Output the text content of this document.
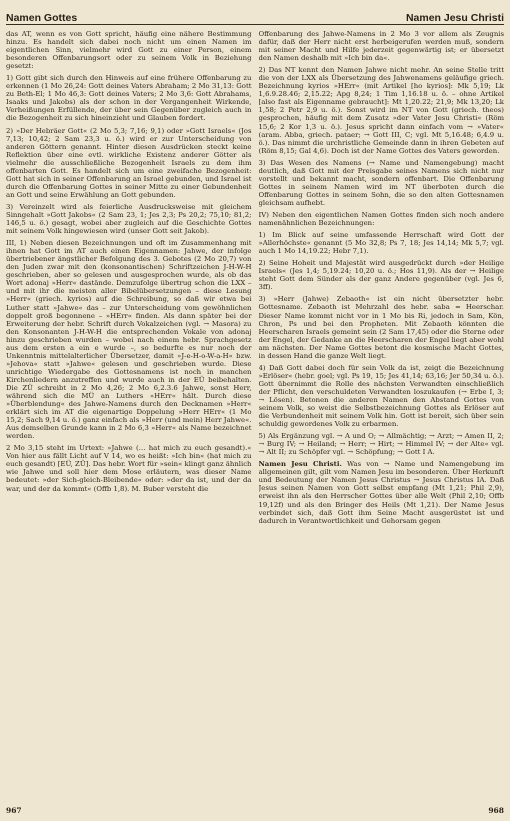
Namen Gottes	Namen Jesu Christi

das AT, wenn es von Gott spricht, häufig eine nähere Bestimmung hinzu. Es handelt sich dabei noch nicht um einen Namen im eigentlichen Sinn, vielmehr wird Gott zu einer Person, einem besonderen Offenbarungsort oder zu seinem Volk in Beziehung gesetzt:

1) Gott gibt sich durch den Hinweis auf eine frühere Offenbarung zu erkennen (1 Mo 26,24: Gott deines Vaters Abraham; 2 Mo 31,13: Gott zu Beth-El; 1 Mo 46,3: Gott deines Vaters; 2 Mo 3,6: Gott Abrahams, Isaaks und Jakobs) als der schon in der Vergangenheit Wirkende, Verheißungen Erfüllende, der über sein Gegenüber zugleich auch in die Bezogenheit zu sich hineinzieht und Glauben fordert.

2) »Der Hebräer Gott« (2 Mo 5,3; 7,16; 9,1) oder »Gott Israels« (Jos 7,13; 10,42; 2 Sam 23,3 u. ö.) wird er zur Unterscheidung von anderen Göttern genannt. Hinter diesen Ausdrücken steckt keine Reflektion über eine evtl. wirkliche Existenz anderer Götter als vielmehr die ausschließliche Bezogenheit Israels zu dem ihm offenbarten Gott. Es handelt sich um eine zweifache Bezogenheit: Gott hat sich in seiner Offenbarung an Israel gebunden, und Israel ist durch die Offenbarung Gottes in seiner Mitte zu einer Gebundenheit an Gott und seine Erwählung an Gott gebunden.

3) Vereinzelt wird als feierliche Ausdrucksweise mit gleichem Sinngehalt »Gott Jakobs« (2 Sam 23, 1; Jes 2,3; Ps 20,2; 75,10; 81,2; 146,5 u. ö.) gesagt, wobei aber zugleich auf die Geschichte Gottes mit seinem Volk hingewiesen wird (unser Gott seit Jakob).

III, 1) Neben diesen Bezeichnungen und oft im Zusammenhang mit ihnen hat Gott im AT auch einen Eigennamen: Jahwe, der infolge übertriebener ängstlicher Befolgung des 3. Gebotes (2 Mo 20,7) von den Juden zwar mit den (konsonantischen) Schriftzeichen J-H-W-H geschrieben, aber so gelesen und ausgesprochen wurde, als ob das Wort adonaj »Herr« dastände. Demzufolge übertrug schon die LXX – und mit ihr die meisten aller Bibelübersetzungen – diese Lesung »Herr« (griech. kyrios) auf die Schreibung, so daß wir etwa bei Luther statt »Jahwe« das – zur Unterscheidung vom gewöhnlichen doppelt groß begonnene – »HErr« finden. Als dann später bei der Erweiterung der hebr. Schrift durch Vokalzeichen (vgl. → Masora) zu den Konsonanten J-H-W-H die entsprechenden Vokale von adonaj hinzu geschrieben wurden – wobei nach einem hebr. Sprachgesetz aus dem ersten a ein e wurde –, so bedurfte es nur noch der Unkenntnis mittelalterlicher Übersetzer, damit »J-e-H-o-W-a-H« bzw. »Jehova« statt »Jahwe« gelesen und geschrieben wurde. Diese unrichtige Wiedergabe des Gottesnamens ist noch in manchen Kirchenliedern anzutreffen und wurde auch in der EÜ beibehalten. Die ZÜ schreibt in 2 Mo 4,26; 2 Mo 6,2.3.6 Jahwe, sonst Herr, während sich die MÜ an Luthers »HErr« hält. Durch diese »Überblendung« des Jahwe-Namens durch den Decknamen »Herr« erklärt sich im AT die eigenartige Doppelung »Herr HErr« (1 Mo 15,2; Sach 9,14 u. ö.) ganz einfach als »Herr (und mein) Herr Jahwe«. Aus demselben Grunde kann in 2 Mo 6,3 »Herr« als Name bezeichnet werden.

2 Mo 3,15 steht im Urtext: »Jahwe (… hat mich zu euch gesandt).« Von hier aus fällt Licht auf V 14, wo es heißt: »Ich bin« (hat mich zu euch gesandt) [EÜ, ZÜ]. Das hebr. Wort für »sein« klingt ganz ähnlich wie Jahwe und soll hier dem Mose erläutern, was dieser Name bedeutet: »der Sich-gleich-Bleibende« oder: »der da ist, und der da war, und der da kommt« (Offb 1,8). M. Buber versteht die

Offenbarung des Jahwe-Namens in 2 Mo 3 vor allem als Zeugnis dafür, daß der Herr nicht erst herbeigerufen werden muß, sondern mit seiner Macht und Hilfe jederzeit gegenwärtig ist; er übersetzt den Namen deshalb mit »Ich bin da«.

2) Das NT kennt den Namen Jahwe nicht mehr. An seine Stelle tritt die von der LXX als Übersetzung des Jahwenamens geläufige griech. Bezeichnung kyrios »HErr« (mit Artikel [ho kyrios]: Mk 5,19; Lk 1,6.9.28.46; 2,15.22; Apg 8,24; 1 Tim 1,16.18 u. ö. – ohne Artikel [also fast als Eigenname gebraucht]: Mt 1,20.22; 21,9; Mk 13,20; Lk 1,58; 2 Petr 2,9 u. ö.). Sonst wird im NT von Gott (griech. theos) gesprochen, häufig mit dem Zusatz »der Vater Jesu Christi« (Röm 15,6; 2 Kor 1,3 u. ö.). Jesus spricht dann einfach vom → »Vater« (aram. Abba, griech. pataer; → Gott III, C; vgl. Mt 5,16.48; 6,4.9 u. ö.). Das nimmt die urchristliche Gemeinde dann in ihren Gebeten auf (Röm 8,15; Gal 4,6). Doch ist der Name Gottes des Vaters geworden.

3) Das Wesen des Namens (→ Name und Namengebung) macht deutlich, daß Gott mit der Preisgabe seines Namens sich nicht nur vorstellt und bekannt macht, sondern offenbart. Die Offenbarung Gottes in seinem Namen wird im NT überboten durch die Offenbarung Gottes in seinem Sohn, die so den alten Gottesnamen gleichsam aufhebt.

IV) Neben den eigentlichen Namen Gottes finden sich noch andere namenähnlichen Bezeichnungen:

1) Im Blick auf seine umfassende Herrschaft wird Gott der »Allerhöchste« genannt (5 Mo 32,8; Ps 7, 18; Jes 14,14; Mk 5,7; vgl. auch 1 Mo 14,19.22; Hebr 7,1).

2) Seine Hoheit und Majestät wird ausgedrückt durch »der Heilige Israels« (Jes 1,4; 5,19.24; 10,20 u. ö.; Hos 11,9). Als der → Heilige steht Gott dem Sünder als der ganz Andere gegenüber (vgl. Jes 6, 3ff).

3) »Herr (Jahwe) Zebaoth« ist ein nicht übersetzter hebr. Gottesname. Zebaoth ist Mehrzahl des hebr. saba = Heerschar. Dieser Name kommt nicht vor in 1 Mo bis Ri, jedoch in Sam, Kön, Chron, Ps und bei den Propheten. Mit Zebaoth könnten die Heerscharen Israels gemeint sein (2 Sam 17,45) oder die Sterne oder der Engel, der Gedanke an die Heerscharen der Engel liegt aber wohl am nächsten. Der Name Gottes betont die kosmische Macht Gottes, in dessen Hand die ganze Welt liegt.

4) Daß Gott dabei doch für sein Volk da ist, zeigt die Bezeichnung »Erlöser« (hebr. goel; vgl. Ps 19, 15; Jes 41,14; 63,16; Jer 50,34 u. ö.). Gott übernimmt die Rolle des nächsten Verwandten einschließlich der Pflicht, den verschuldeten Verwandten loszukaufen (→ Erbe I, 3; → Lösen). Betonen die anderen Namen den Abstand Gottes von seinem Volk, so weist die Selbstbezeichnung Gottes als Erlöser auf die Verbundenheit mit seinem Volk hin. Gott ist bereit, sich über sein schuldig gewordenes Volk zu erbarmen.

5) Als Ergänzung vgl. → A und O; → Allmächtig; → Arzt; → Amen II, 2; → Burg IV; → Heiland; → Herr; → Hirt; → Himmel IV; → der Alte« vgl. → Alt II; zu Schöpfer vgl. → Schöpfung; → Gott I A.

Namen Jesu Christi. Was von → Name und Namengebung im allgemeinen gilt, gilt vom Namen Jesu im besonderen. Über Herkunft und Bedeutung der Namen Jesus Christus → Jesus Christus IA. Daß Jesus seinen Namen von Gott selbst empfang (Mt 1,21; Phil 2,9), erweist ihn als den Herrscher Gottes über alle Welt (Phil 2,10; Offb 19,12f) und als den Bringer des Heils (Mt 1,21). Der Name Jesus verbindet sich, daß Gott ihm Seine Macht ausgerüstet ist und dadurch in Verantwortlichkeit und Gehorsam gegen

967	968
